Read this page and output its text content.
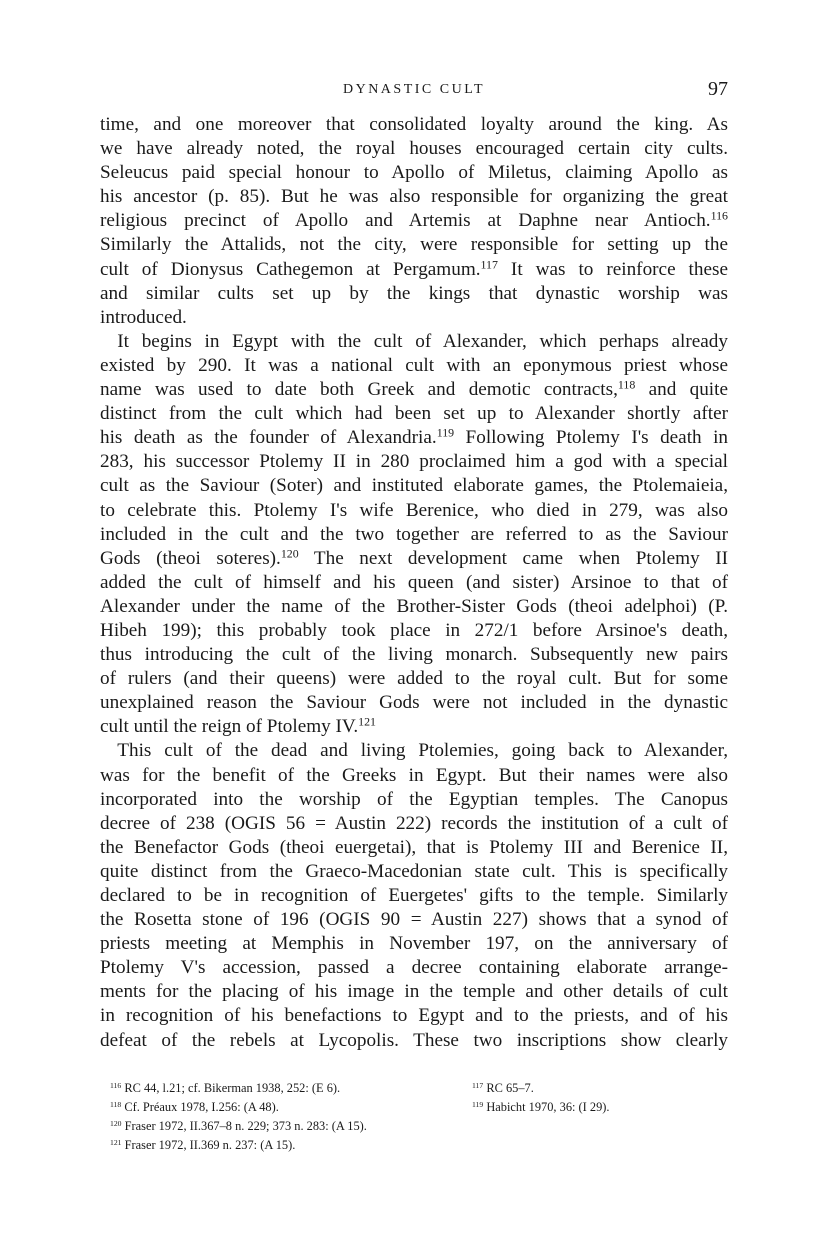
DYNASTIC CULT	97
time, and one moreover that consolidated loyalty around the king. As
we have already noted, the royal houses encouraged certain city cults.
Seleucus paid special honour to Apollo of Miletus, claiming Apollo as
his ancestor (p. 85). But he was also responsible for organizing the great
religious precinct of Apollo and Artemis at Daphne near Antioch.$^{116}$
Similarly the Attalids, not the city, were responsible for setting up the
cult of Dionysus Cathegemon at Pergamum.$^{117}$ It was to reinforce these
and similar cults set up by the kings that dynastic worship was
introduced.
It begins in Egypt with the cult of Alexander, which perhaps already
existed by 290. It was a national cult with an eponymous priest whose
name was used to date both Greek and demotic contracts,$^{118}$ and quite
distinct from the cult which had been set up to Alexander shortly after
his death as the founder of Alexandria.$^{119}$ Following Ptolemy I's death in
283, his successor Ptolemy II in 280 proclaimed him a god with a special
cult as the Saviour (Soter) and instituted elaborate games, the Ptolemaieia,
to celebrate this. Ptolemy I's wife Berenice, who died in 279, was also
included in the cult and the two together are referred to as the Saviour
Gods (theoi soteres).$^{120}$ The next development came when Ptolemy II
added the cult of himself and his queen (and sister) Arsinoe to that of
Alexander under the name of the Brother-Sister Gods (theoi adelphoi) (P.
Hibeh 199); this probably took place in 272/1 before Arsinoe's death,
thus introducing the cult of the living monarch. Subsequently new pairs
of rulers (and their queens) were added to the royal cult. But for some
unexplained reason the Saviour Gods were not included in the dynastic
cult until the reign of Ptolemy IV.$^{121}$
This cult of the dead and living Ptolemies, going back to Alexander,
was for the benefit of the Greeks in Egypt. But their names were also
incorporated into the worship of the Egyptian temples. The Canopus
decree of 238 (OGIS 56 = Austin 222) records the institution of a cult of
the Benefactor Gods (theoi euergetai), that is Ptolemy III and Berenice II,
quite distinct from the Graeco-Macedonian state cult. This is specifically
declared to be in recognition of Euergetes' gifts to the temple. Similarly
the Rosetta stone of 196 (OGIS 90 = Austin 227) shows that a synod of
priests meeting at Memphis in November 197, on the anniversary of
Ptolemy V's accession, passed a decree containing elaborate arrange-
ments for the placing of his image in the temple and other details of cult
in recognition of his benefactions to Egypt and to the priests, and of his
defeat of the rebels at Lycopolis. These two inscriptions show clearly
$^{116}$ RC 44, l.21; cf. Bikerman 1938, 252: (E 6).	$^{117}$ RC 65–7.
$^{118}$ Cf. Préaux 1978, I.256: (A 48).	$^{119}$ Habicht 1970, 36: (I 29).
$^{120}$ Fraser 1972, II.367–8 n. 229; 373 n. 283: (A 15).
$^{121}$ Fraser 1972, II.369 n. 237: (A 15).
